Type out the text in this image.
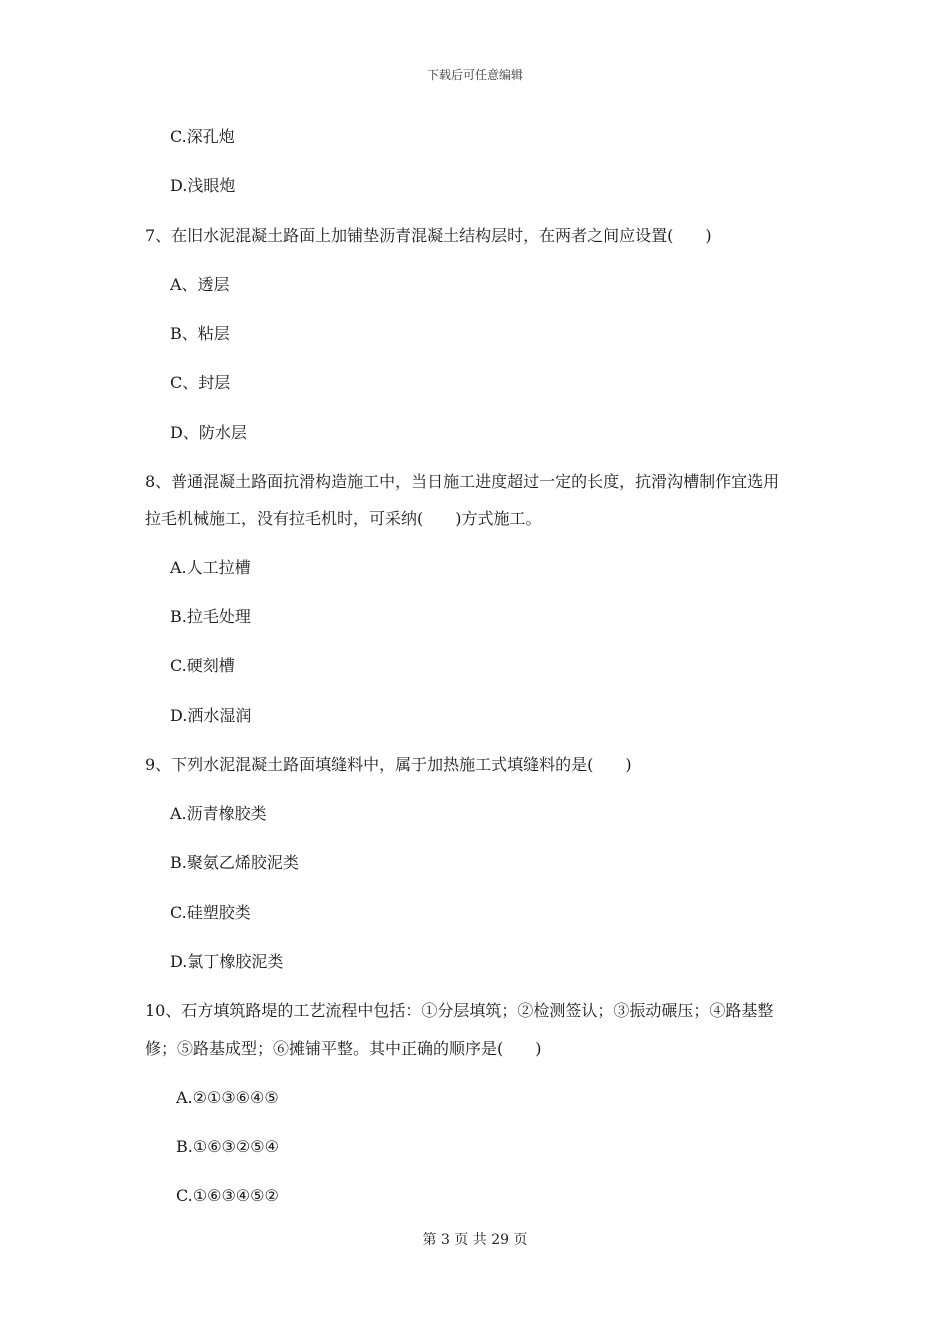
下载后可任意编辑
C.深孔炮
D.浅眼炮
7、在旧水泥混凝土路面上加铺垫沥青混凝土结构层时，在两者之间应设置(　　)
A、透层
B、粘层
C、封层
D、防水层
8、普通混凝土路面抗滑构造施工中，当日施工进度超过一定的长度，抗滑沟槽制作宜选用
拉毛机械施工，没有拉毛机时，可采纳(　　)方式施工。
A.人工拉槽
B.拉毛处理
C.硬刻槽
D.洒水湿润
9、下列水泥混凝土路面填缝料中，属于加热施工式填缝料的是(　　)
A.沥青橡胶类
B.聚氨乙烯胶泥类
C.硅塑胶类
D.氯丁橡胶泥类
10、石方填筑路堤的工艺流程中包括：①分层填筑；②检测签认；③振动碾压；④路基整
修；⑤路基成型；⑥摊铺平整。其中正确的顺序是(　　)
A.②①③⑥④⑤
B.①⑥③②⑤④
C.①⑥③④⑤②
第 3 页 共 29 页
